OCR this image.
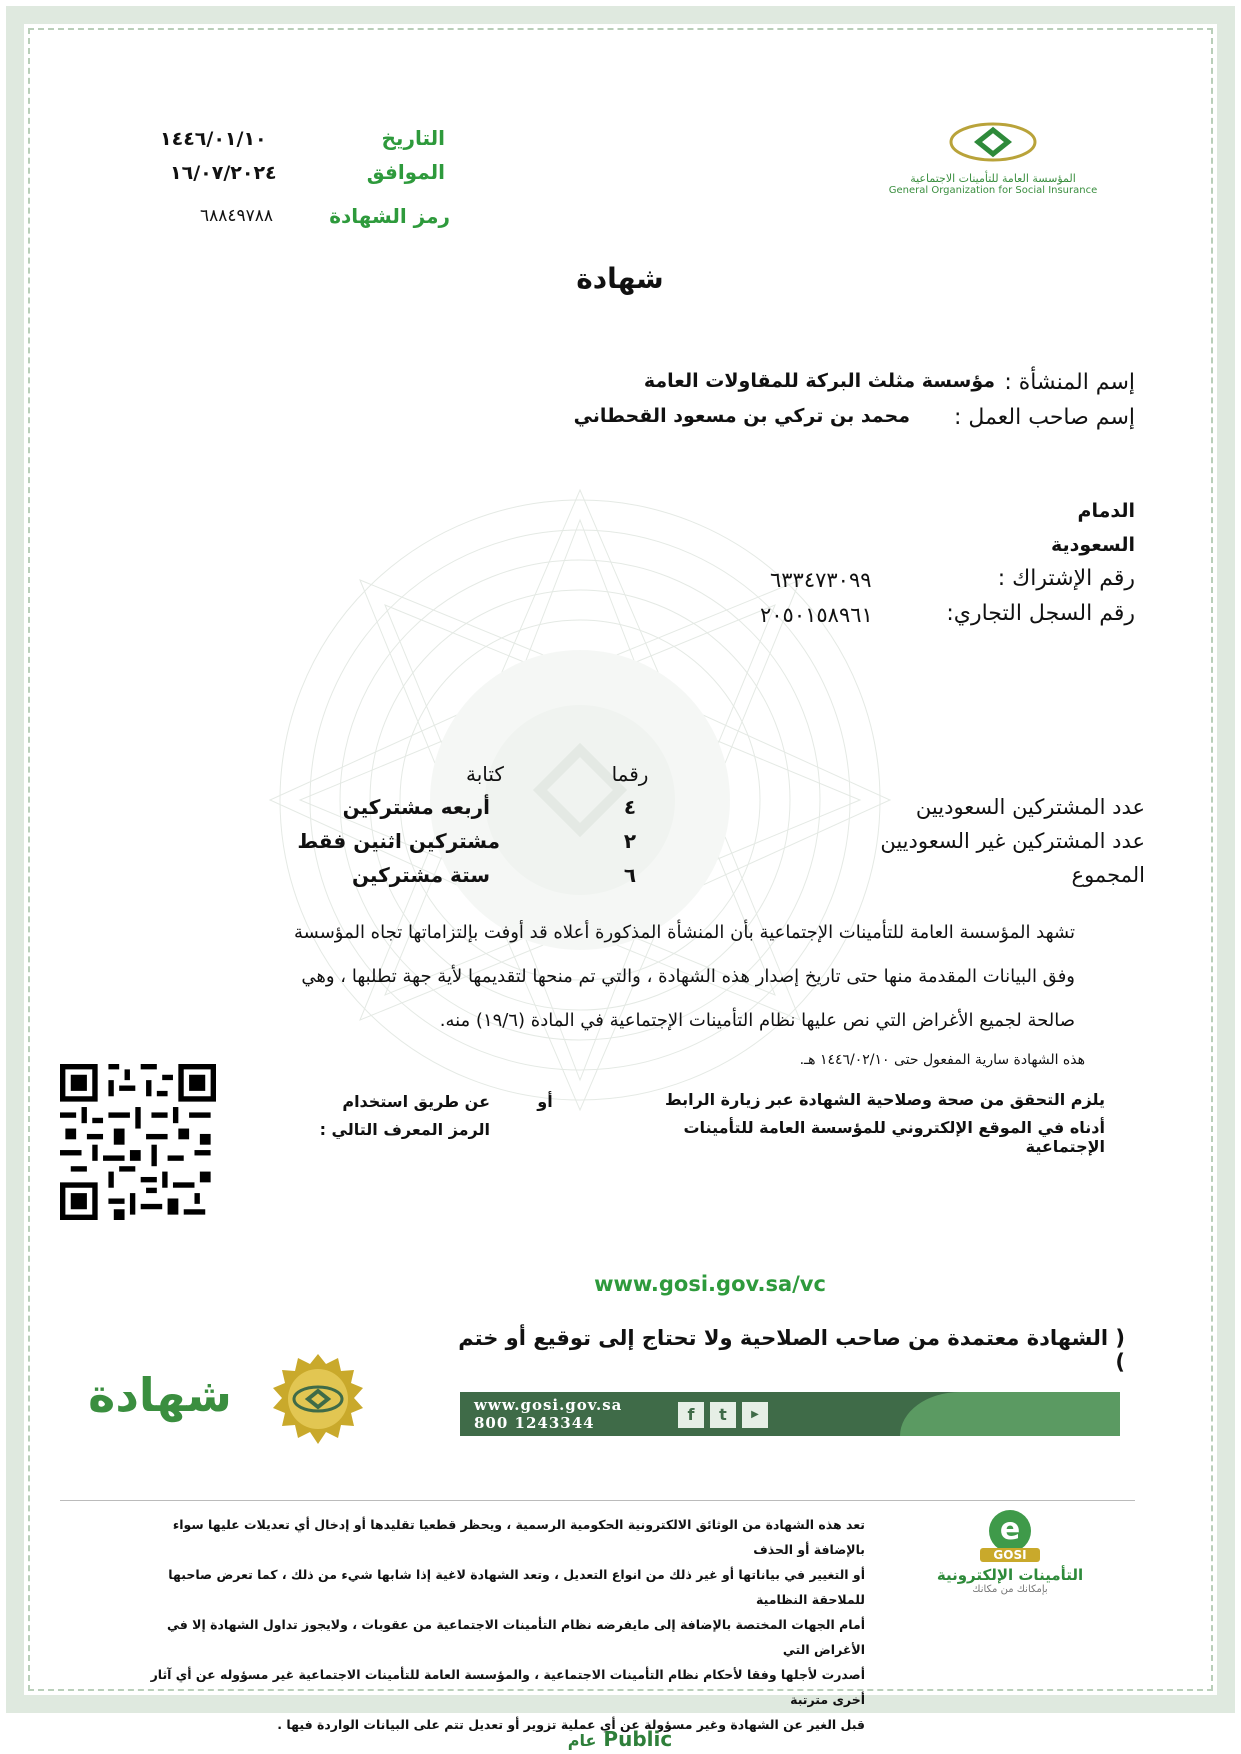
التاريخ
١٤٤٦/٠١/١٠
الموافق
١٦/٠٧/٢٠٢٤
رمز الشهادة
٦٨٨٤٩٧٨٨
المؤسسة العامة للتأمينات الاجتماعية
General Organization for Social Insurance
شهادة
إسم المنشأة :
مؤسسة مثلث البركة للمقاولات العامة
إسم صاحب العمل :
محمد بن تركي بن مسعود القحطاني
الدمام
السعودية
رقم الإشتراك :
٦٣٣٤٧٣٠٩٩
رقم السجل التجاري:
٢٠٥٠١٥٨٩٦١
رقما
كتابة
عدد المشتركين السعوديين
٤
أربعه مشتركين
عدد المشتركين غير السعوديين
٢
مشتركين اثنين فقط
المجموع
٦
ستة مشتركين
تشهد المؤسسة العامة للتأمينات الإجتماعية بأن المنشأة المذكورة أعلاه قد أوفت بإلتزاماتها تجاه المؤسسة
وفق البيانات المقدمة منها حتى تاريخ إصدار هذه الشهادة ، والتي تم منحها لتقديمها لأية جهة تطلبها ، وهي
صالحة لجميع الأغراض التي نص عليها نظام التأمينات الإجتماعية في المادة (١٩/٦) منه.
هذه الشهادة سارية المفعول حتى ١٤٤٦/٠٢/١٠ هـ.
يلزم التحقق من صحة وصلاحية الشهادة عبر زيارة الرابط
أدناه في الموقع الإلكتروني للمؤسسة العامة للتأمينات الإجتماعية
أو
عن طريق استخدام
الرمز المعرف التالي :
www.gosi.gov.sa/vc
( الشهادة معتمدة من صاحب الصلاحية ولا تحتاج إلى توقيع أو ختم )
شهادة	www.gosi.gov.sa
800 1243344	f	t	▶
e
GOSI
التأمينات الإلكترونية
بإمكانك من مكانك
تعد هذه الشهادة من الوثائق الالكترونية الحكومية الرسمية ، ويحظر قطعيا تقليدها أو إدخال أي تعديلات عليها سواء بالإضافة أو الحذف
أو التغيير في بياناتها أو غير ذلك من انواع التعديل ، وتعد الشهادة لاغية إذا شابها شيء من ذلك ، كما تعرض صاحبها للملاحقة النظامية
أمام الجهات المختصة بالإضافة إلى مايفرضه نظام التأمينات الاجتماعية من عقوبات ، ولايجوز تداول الشهادة إلا في الأغراض التي
أصدرت لأجلها وفقا لأحكام نظام التأمينات الاجتماعية ، والمؤسسة العامة للتأمينات الاجتماعية غير مسؤوله عن أي آثار أخرى مترتبة
قبل الغير عن الشهادة وغير مسؤولة عن أي عملية تزوير أو تعديل تتم على البيانات الواردة فيها .
عام Public
